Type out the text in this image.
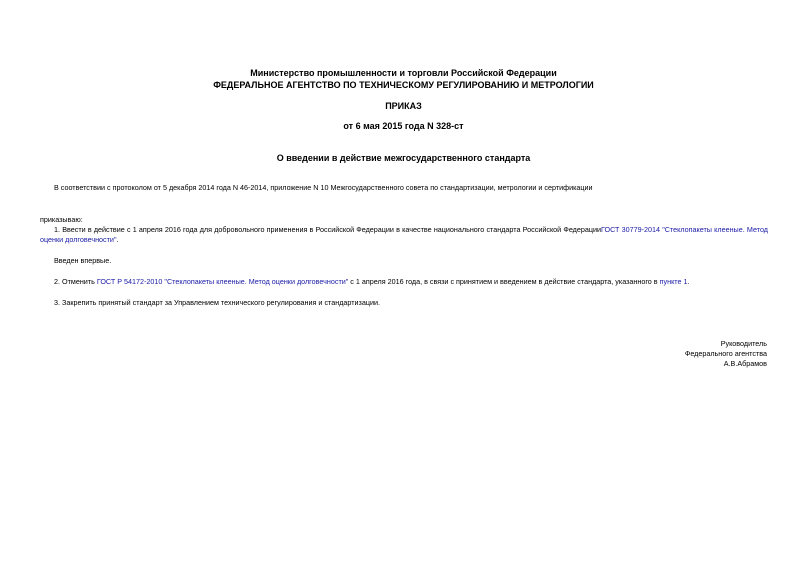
Министерство промышленности и торговли Российской Федерации
ФЕДЕРАЛЬНОЕ АГЕНТСТВО ПО ТЕХНИЧЕСКОМУ РЕГУЛИРОВАНИЮ И МЕТРОЛОГИИ
ПРИКАЗ
от 6 мая 2015 года N 328-ст
О введении в действие межгосударственного стандарта
В соответствии с протоколом от 5 декабря 2014 года N 46-2014, приложение N 10 Межгосударственного совета по стандартизации, метрологии и сертификации
приказываю:
1. Ввести в действие с 1 апреля 2016 года для добровольного применения в Российской Федерации в качестве национального стандарта Российской ФедерацииГОСТ 30779-2014 "Стеклопакеты клееные. Метод оценки долговечности".
Введен впервые.
2. Отменить ГОСТ Р 54172-2010 "Стеклопакеты клееные. Метод оценки долговечности" с 1 апреля 2016 года, в связи с принятием и введением в действие стандарта, указанного в пункте 1.
3. Закрепить принятый стандарт за Управлением технического регулирования и стандартизации.
Руководитель
Федерального агентства
А.В.Абрамов
